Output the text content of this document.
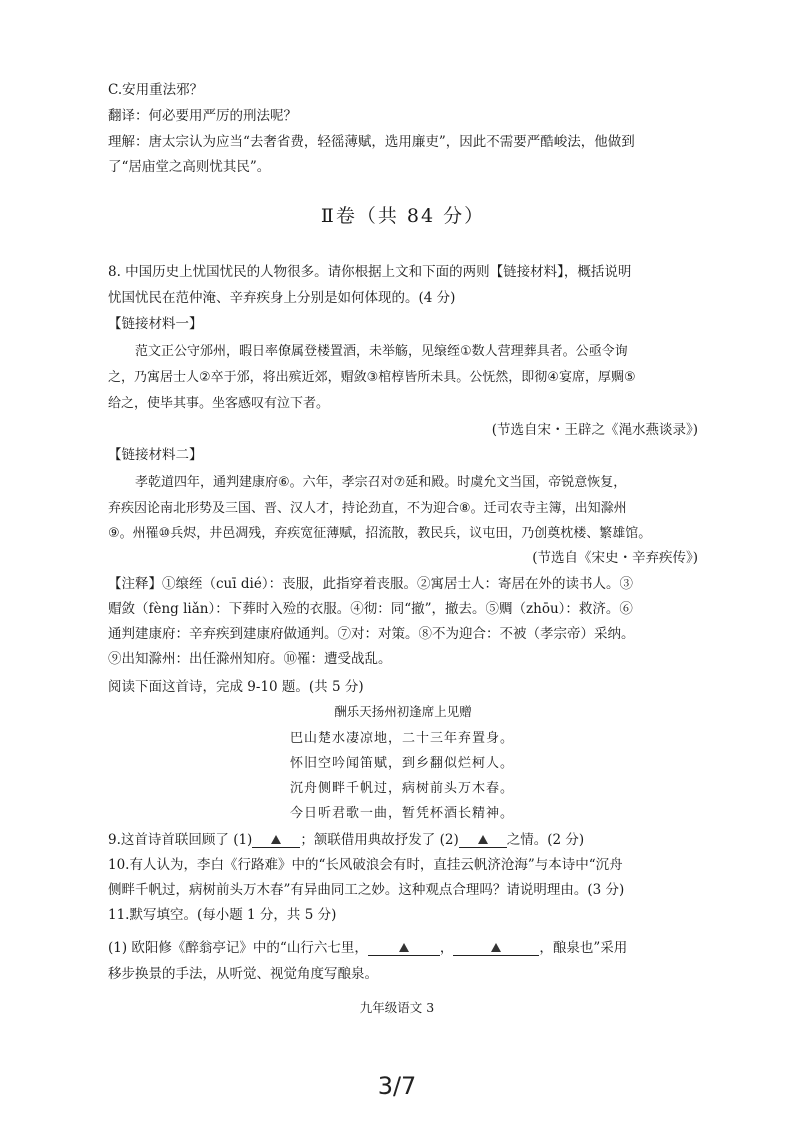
C.安用重法邪？
翻译：何必要用严厉的刑法呢？
理解：唐太宗认为应当“去奢省费，轻徭薄赋，选用廉吏”，因此不需要严酷峻法，他做到
了“居庙堂之高则忧其民”。
Ⅱ卷（共 84 分）
8. 中国历史上忧国忧民的人物很多。请你根据上文和下面的两则【链接材料】，概括说明
忧国忧民在范仲淹、辛弃疾身上分别是如何体现的。(4 分)
【链接材料一】
范文正公守邠州，暇日率僚属登楼置酒，未举觞，见缞绖①数人营理葬具者。公亟令询
之，乃寓居士人②卒于邠，将出殡近郊，赗敛③棺椁皆所未具。公怃然，即彻④宴席，厚赒⑤
给之，使毕其事。坐客感叹有泣下者。
(节选自宋・王辟之《渑水燕谈录》)
【链接材料二】
孝乾道四年，通判建康府⑥。六年，孝宗召对⑦延和殿。时虞允文当国，帝锐意恢复，
弃疾因论南北形势及三国、晋、汉人才，持论劲直，不为迎合⑧。迁司农寺主簿，出知滁州
⑨。州罹⑩兵烬，井邑凋残，弃疾宽征薄赋，招流散，教民兵，议屯田，乃创奠枕楼、繁雄馆。
(节选自《宋史・辛弃疾传》)
【注释】①缞绖（cuī dié）：丧服，此指穿着丧服。②寓居士人：寄居在外的读书人。③
赗敛（fèng liǎn）：下葬时入殓的衣服。④彻：同“撤”，撤去。⑤赒（zhōu）：救济。⑥
通判建康府：辛弃疾到建康府做通判。⑦对：对策。⑧不为迎合：不被（孝宗帝）采纳。
⑨出知滁州：出任滁州知府。⑩罹：遭受战乱。
阅读下面这首诗，完成 9-10 题。(共 5 分)
酬乐天扬州初逢席上见赠
巴山楚水凄凉地，二十三年弃置身。
怀旧空吟闻笛赋，到乡翻似烂柯人。
沉舟侧畔千帆过，病树前头万木春。
今日听君歌一曲，暂凭杯酒长精神。
9.这首诗首联回顾了 (1)	；颔联借用典故抒发了 (2)	之情。(2 分)
10.有人认为，李白《行路难》中的“长风破浪会有时，直挂云帆济沧海”与本诗中“沉舟
侧畔千帆过，病树前头万木春”有异曲同工之妙。这种观点合理吗？请说明理由。(3 分)
11.默写填空。(每小题 1 分，共 5 分)
(1) 欧阳修《醉翁亭记》中的“山行六七里，	，	，酿泉也”采用
移步换景的手法，从听觉、视觉角度写酿泉。
九年级语文 3
3/7
